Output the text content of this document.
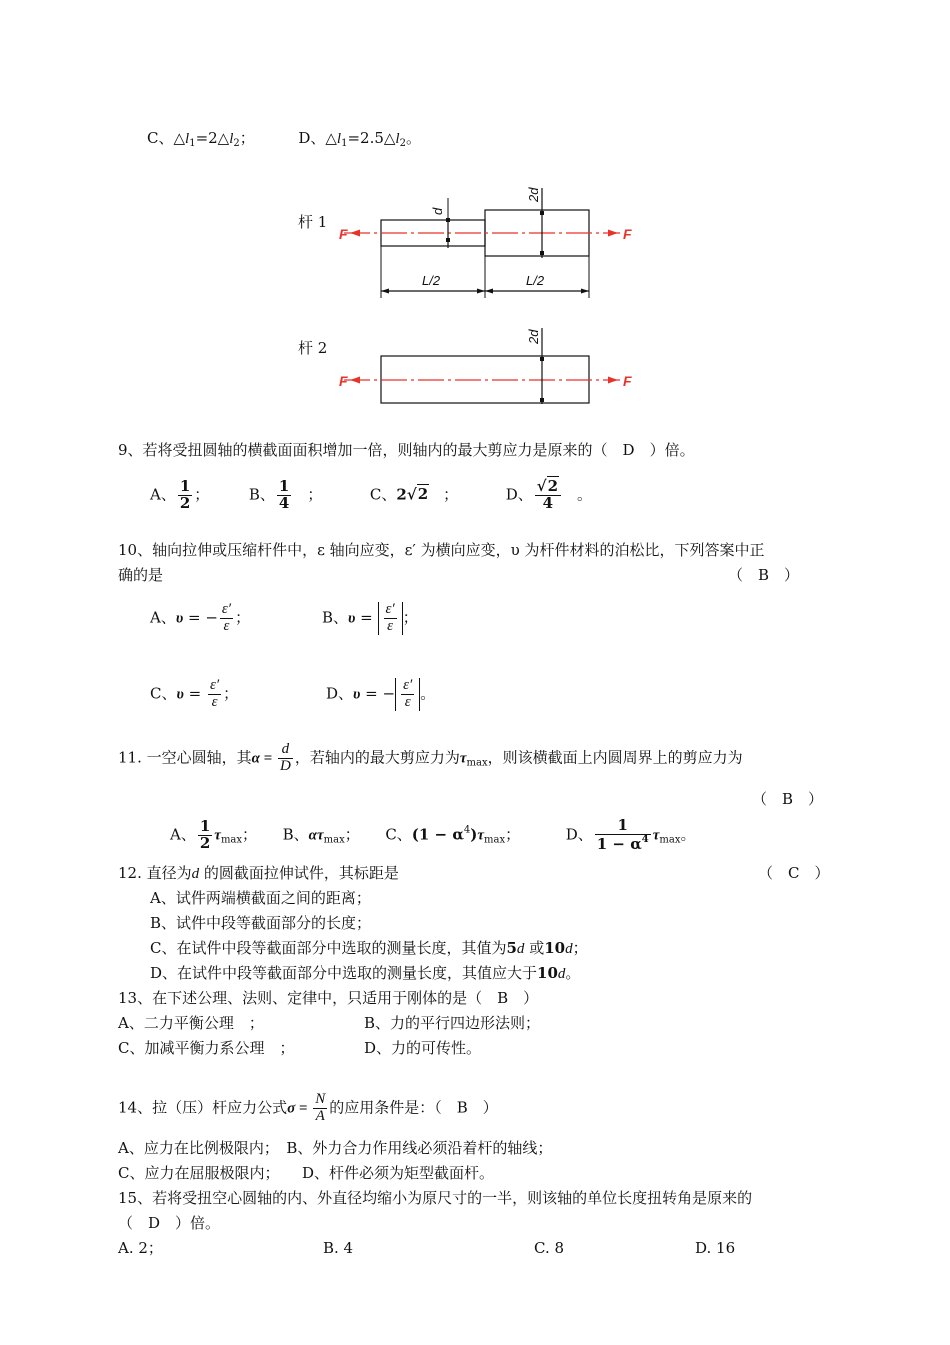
C、$\triangle l_1=2\triangle l_2$；	D、$\triangle l_1=2.5\triangle l_2$。
杆 1
F	F
d
2d
L/2	L/2
杆 2
F	F
2d
9、若将受扭圆轴的横截面面积增加一倍，则轴内的最大剪应力是原来的（　D　）倍。
A、 $\frac{1}{2}$ ；	B、 $\frac{1}{4}$ ；	C、2√2 ；	D、 $\frac{√2}{4}$ 。
10、轴向拉伸或压缩杆件中，ε 轴向应变，ε′ 为横向应变，υ 为杆件材料的泊松比，下列答案中正
确的是	（　B　）
A、υ = − $\frac{\varepsilon'}{\varepsilon}$ ；	B、$\upsilon = \frac{\varepsilon'}{\varepsilon}$ ；
C、$\upsilon = \frac{\varepsilon'}{\varepsilon}$ ；	D、υ = − $\frac{\varepsilon'}{\varepsilon}$ 。
11. 一空心圆轴，其$\alpha = \frac{d}{D}$ ，若轴内的最大剪应力为$\tau_{max}$，则该横截面上内圆周界上的剪应力为
（　B　）
A、 $\frac{1}{2} \tau_{max}$； B、$\alpha\tau_{max}$； C、$(1 - \alpha^4)\tau_{max}$；	D、 $\frac{1}{1 - \alpha^4} \tau_{max}$。
12. 直径为d 的圆截面拉伸试件，其标距是	（　C　）
A、试件两端横截面之间的距离；
B、试件中段等截面部分的长度；
C、在试件中段等截面部分中选取的测量长度，其值为5d 或10d；
D、在试件中段等截面部分中选取的测量长度，其值应大于10d。
13、在下述公理、法则、定律中，只适用于刚体的是（　B　）
A、二力平衡公理　；	B、力的平行四边形法则；
C、加减平衡力系公理　；	D、力的可传性。
14、拉（压）杆应力公式$\sigma = \frac{N}{A}$ 的应用条件是：（　B　）
A、应力在比例极限内；　B、外力合力作用线必须沿着杆的轴线；
C、应力在屈服极限内；　　D、杆件必须为矩型截面杆。
15、若将受扭空心圆轴的内、外直径均缩小为原尺寸的一半，则该轴的单位长度扭转角是原来的
（　D　）倍。
A. 2；	B. 4	C. 8	D. 16
